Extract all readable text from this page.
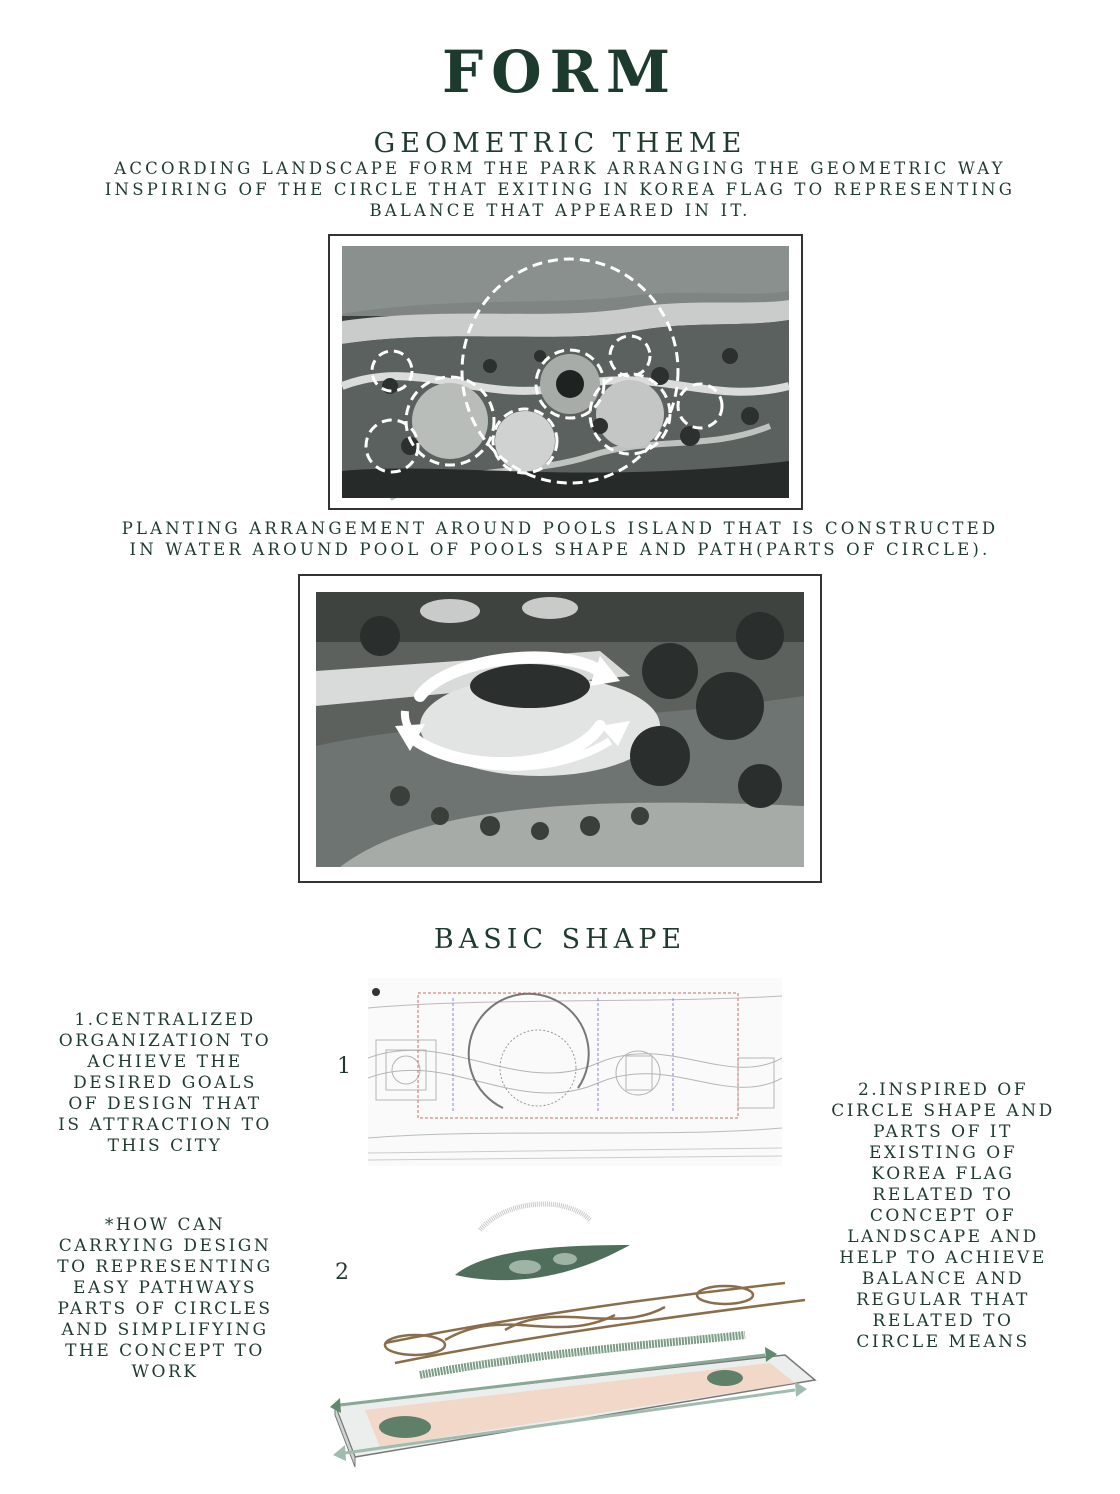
FORM
GEOMETRIC THEME
ACCORDING LANDSCAPE FORM THE PARK ARRANGING THE GEOMETRIC WAY
INSPIRING OF THE CIRCLE THAT EXITING IN KOREA FLAG TO REPRESENTING
BALANCE THAT APPEARED IN IT.
PLANTING ARRANGEMENT AROUND POOLS ISLAND THAT IS CONSTRUCTED
IN WATER AROUND POOL OF POOLS SHAPE AND PATH(PARTS OF CIRCLE).
BASIC SHAPE
1.CENTRALIZED
ORGANIZATION TO
ACHIEVE THE
DESIRED GOALS
OF DESIGN THAT
IS ATTRACTION TO
THIS CITY
*HOW CAN
CARRYING DESIGN
TO REPRESENTING
EASY PATHWAYS
PARTS OF CIRCLES
AND SIMPLIFYING
THE CONCEPT TO
WORK
2.INSPIRED OF
CIRCLE SHAPE AND
PARTS OF IT
EXISTING OF
KOREA FLAG
RELATED TO
CONCEPT OF
LANDSCAPE AND
HELP TO ACHIEVE
BALANCE AND
REGULAR THAT
RELATED TO
CIRCLE MEANS
1
2
